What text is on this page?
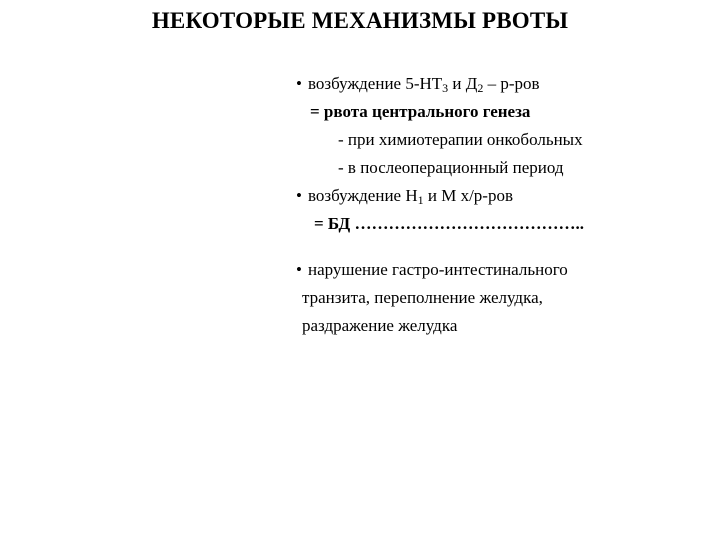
НЕКОТОРЫЕ МЕХАНИЗМЫ РВОТЫ
• возбуждение $5-НТ_3$ и $Д_2 - р-ров$
= рвота центрального генеза
- при химиотерапии онкобольных
- в послеоперационный период
• возбуждение $Н_1$ и М х/р-ров
= БД …………………………………..
• нарушение гастро-интестинального
транзита, переполнение желудка,
раздражение желудка
